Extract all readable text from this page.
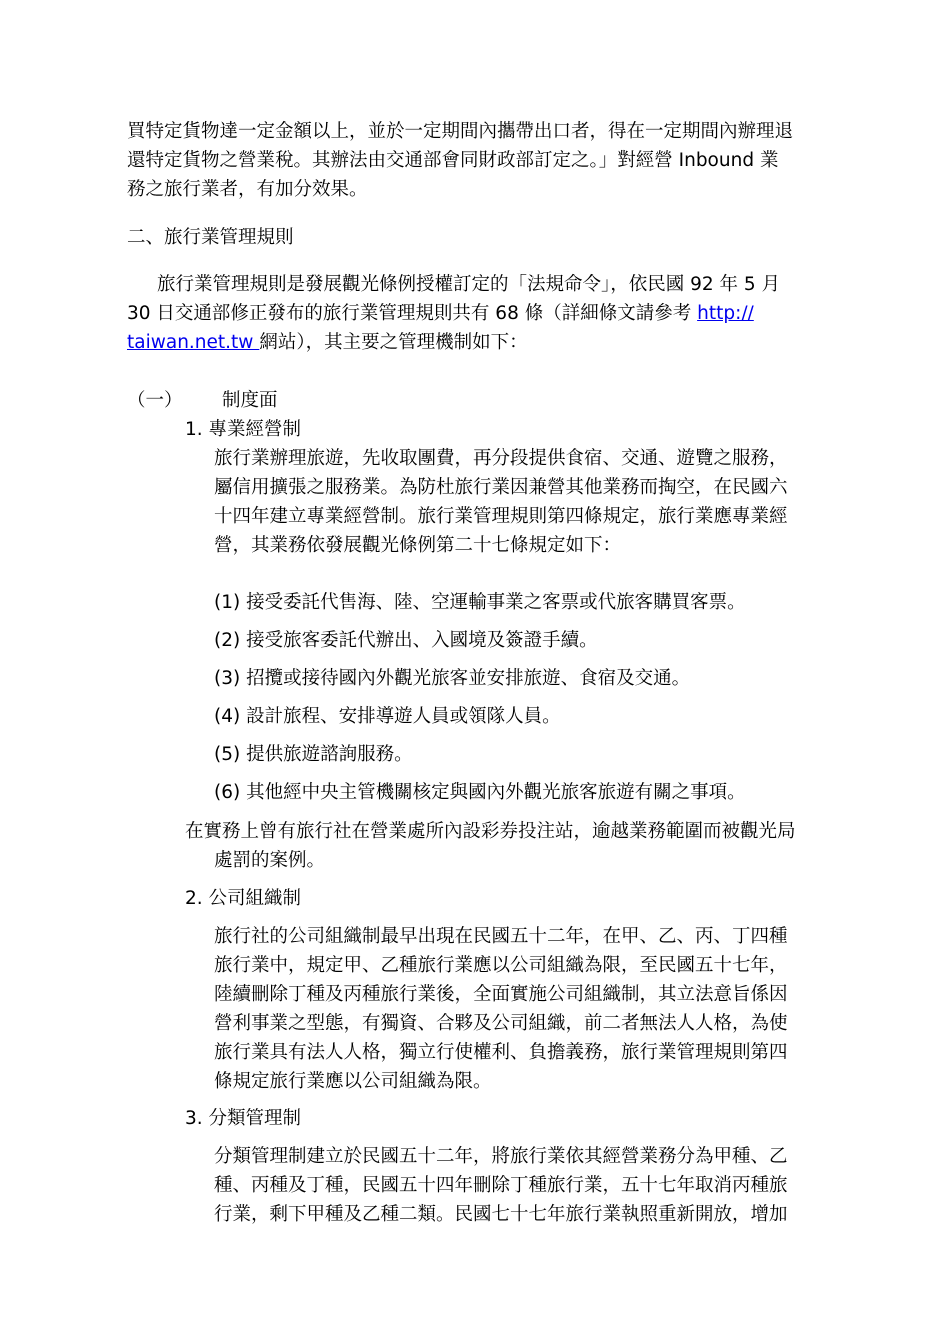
買特定貨物達一定金額以上，並於一定期間內攜帶出口者，得在一定期間內辦理退
還特定貨物之營業稅。其辦法由交通部會同財政部訂定之。」對經營 Inbound 業
務之旅行業者，有加分效果。
二、旅行業管理規則
旅行業管理規則是發展觀光條例授權訂定的「法規命令」，依民國 92 年 5 月
30 日交通部修正發布的旅行業管理規則共有 68 條（詳細條文請參考 http://
taiwan.net.tw 網站），其主要之管理機制如下：
（一） 制度面
1. 專業經營制
旅行業辦理旅遊，先收取團費，再分段提供食宿、交通、遊覽之服務，
屬信用擴張之服務業。為防杜旅行業因兼營其他業務而掏空，在民國六
十四年建立專業經營制。旅行業管理規則第四條規定，旅行業應專業經
營，其業務依發展觀光條例第二十七條規定如下：
(1) 接受委託代售海、陸、空運輸事業之客票或代旅客購買客票。
(2) 接受旅客委託代辦出、入國境及簽證手續。
(3) 招攬或接待國內外觀光旅客並安排旅遊、食宿及交通。
(4) 設計旅程、安排導遊人員或領隊人員。
(5) 提供旅遊諮詢服務。
(6) 其他經中央主管機關核定與國內外觀光旅客旅遊有關之事項。
在實務上曾有旅行社在營業處所內設彩券投注站，逾越業務範圍而被觀光局
處罰的案例。
2. 公司組織制
旅行社的公司組織制最早出現在民國五十二年，在甲、乙、丙、丁四種
旅行業中，規定甲、乙種旅行業應以公司組織為限，至民國五十七年，
陸續刪除丁種及丙種旅行業後，全面實施公司組織制，其立法意旨係因
營利事業之型態，有獨資、合夥及公司組織，前二者無法人人格，為使
旅行業具有法人人格，獨立行使權利、負擔義務，旅行業管理規則第四
條規定旅行業應以公司組織為限。
3. 分類管理制
分類管理制建立於民國五十二年，將旅行業依其經營業務分為甲種、乙
種、丙種及丁種，民國五十四年刪除丁種旅行業，五十七年取消丙種旅
行業，剩下甲種及乙種二類。民國七十七年旅行業執照重新開放，增加
